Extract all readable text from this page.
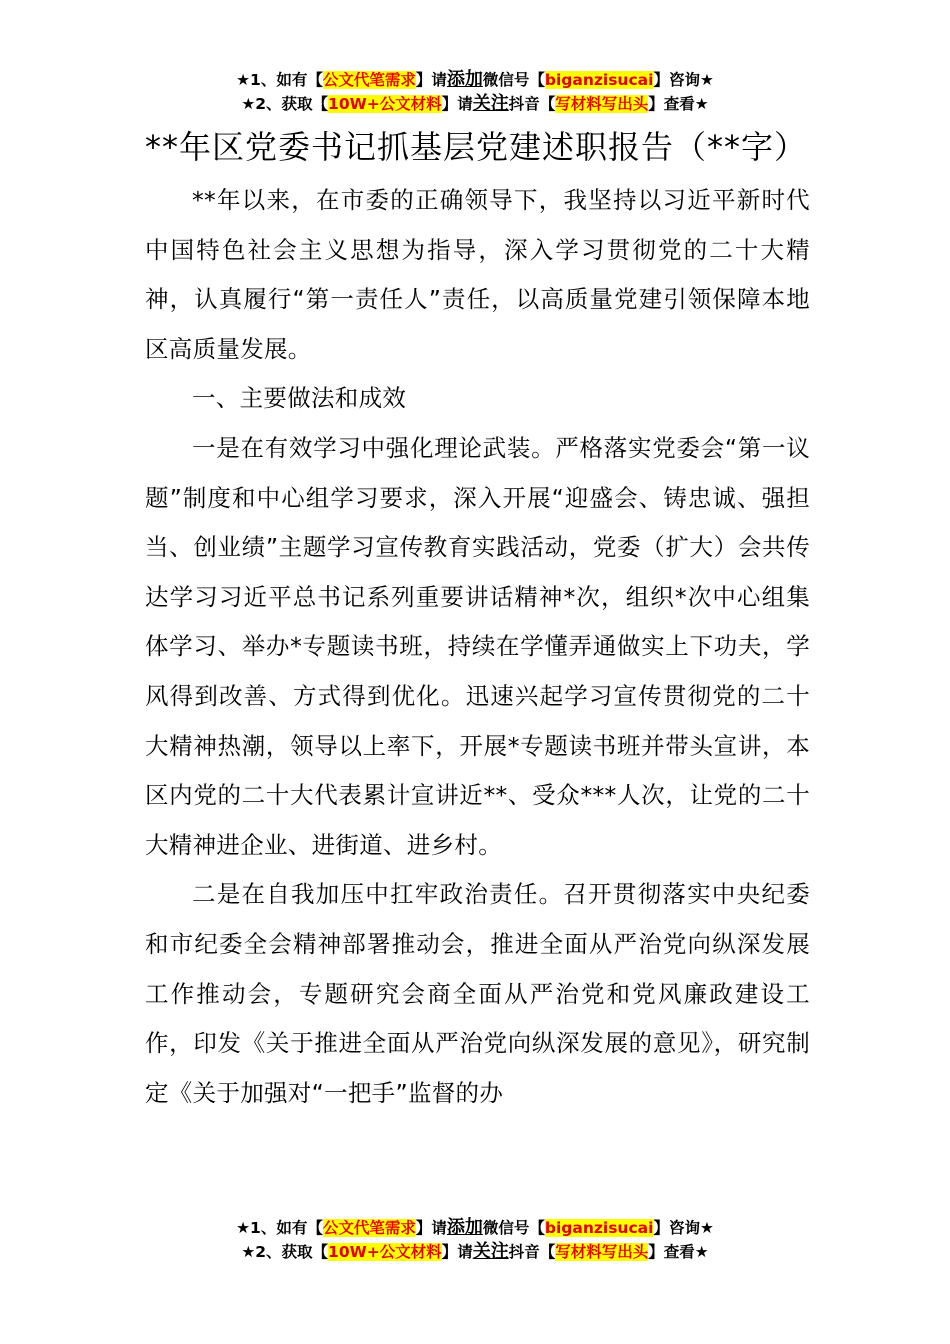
★1、如有【公文代笔需求】请添加微信号【biganzisucai】咨询★
★2、获取【10W+公文材料】请关注抖音【写材料写出头】查看★
**年区党委书记抓基层党建述职报告（**字）

**年以来，在市委的正确领导下，我坚持以习近平新时代中国特色社会主义思想为指导，深入学习贯彻党的二十大精神，认真履行“第一责任人”责任，以高质量党建引领保障本地区高质量发展。

一、主要做法和成效

一是在有效学习中强化理论武装。严格落实党委会“第一议题”制度和中心组学习要求，深入开展“迎盛会、铸忠诚、强担当、创业绩”主题学习宣传教育实践活动，党委（扩大）会共传达学习习近平总书记系列重要讲话精神*次，组织*次中心组集体学习、举办*专题读书班，持续在学懂弄通做实上下功夫，学风得到改善、方式得到优化。迅速兴起学习宣传贯彻党的二十大精神热潮，领导以上率下，开展*专题读书班并带头宣讲，本区内党的二十大代表累计宣讲近**、受众***人次，让党的二十大精神进企业、进街道、进乡村。

二是在自我加压中扛牢政治责任。召开贯彻落实中央纪委和市纪委全会精神部署推动会，推进全面从严治党向纵深发展工作推动会，专题研究会商全面从严治党和党风廉政建设工作，印发《关于推进全面从严治党向纵深发展的意见》，研究制定《关于加强对“一把手”监督的办

★1、如有【公文代笔需求】请添加微信号【biganzisucai】咨询★
★2、获取【10W+公文材料】请关注抖音【写材料写出头】查看★
